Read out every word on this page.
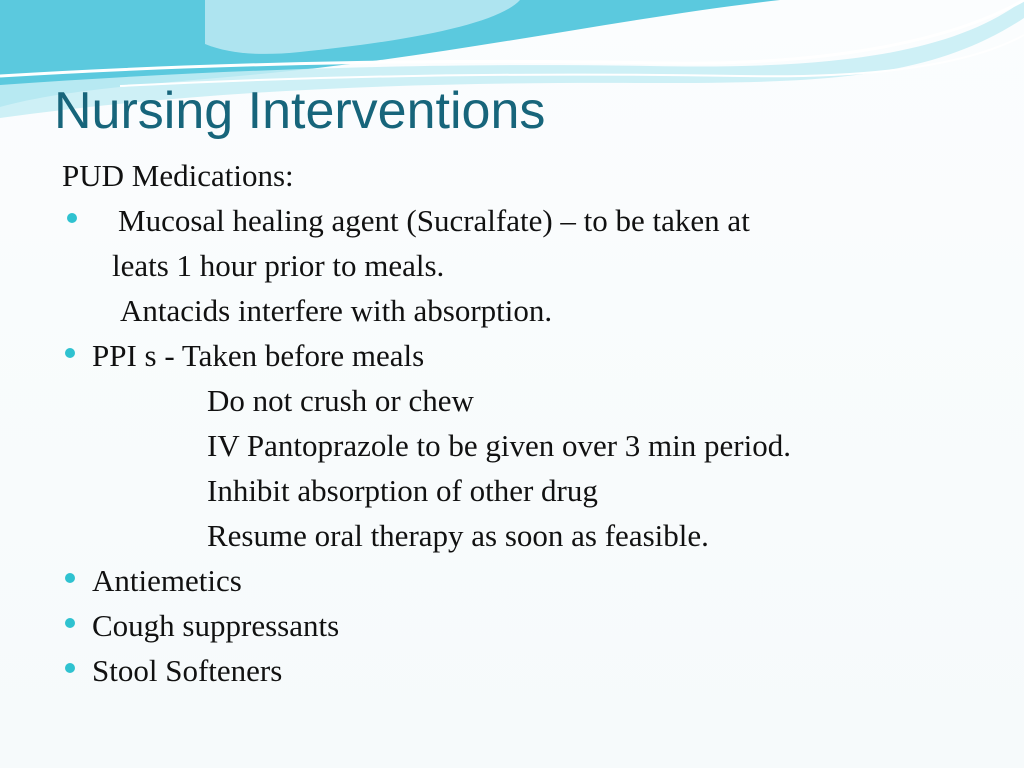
Nursing Interventions

PUD Medications:

Mucosal healing agent (Sucralfate) – to be taken at

leats 1 hour prior to meals.

Antacids interfere with absorption.

PPI s - Taken before meals

Do not crush or chew

IV Pantoprazole to be given over 3 min period.

Inhibit absorption of other drug

Resume oral therapy as soon as feasible.

Antiemetics

Cough suppressants

Stool Softeners
